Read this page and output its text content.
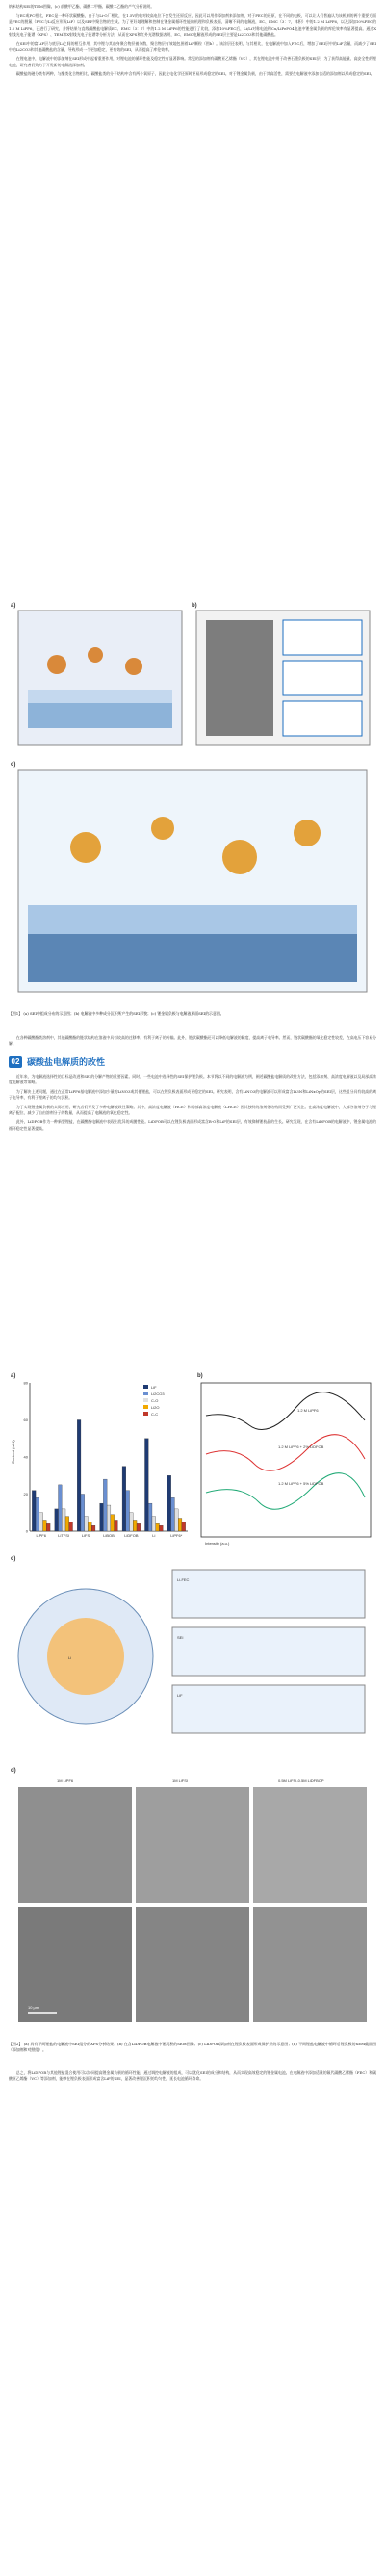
纳米结构SEI的TEM图像。(c) 前酸甲乙酯、碳酸二甲酯、碳酸二乙酯的产气分析说明。
与EC或PC相比，FEC是一种环状碳酸酯，由于与Li-O厂相比，在1.5V的电对较高电位下会发生还原反应，因此可以用作添加剂来添加剂，对于FEC的还原，在不同的电极，可以让人们普遍认为该机制的两个重要方面是FEC的脱氟（FEC与Li反应形成LiF）以及SEI中聚合物的生成。为了更好地理解和控制在锂金属循环性能的机理和负极表面，清晰不同的电解液，EC、EMC（3：7，体积）中的1.2 M LiPF6，以及添加10%FEC的1.2 M LiPF6，已进行了研究，并将结果与直线碳酸盐电解质EC、EMC（3：7）中的1.2 M LiPF6的性能进行了比较，添加10%FEC后，Li/Li对称电池和Cu/LiFePO4电池中锂金属负极的库伦效率有显著提高。通过X射线光电子能谱（XPS）、TEM和X射线光电子能谱等分析方法，从而在XPS和红外光谱数据表明，EC、EMC电解液形成的SEI层主要是Li2CO3和其他碳酸盐。
在SEI中的富LiF层与底层Li之间的相互作用，其中锂与其前身聚合物层被分散，聚合物层有效地包围着LiF颗粒（图b）。该涂层还表明，与其相比，在电解液中加入FEC后，增加了SEI层中的LiF含量，而减少了SEI中的Li2CO3和其他碳酸盐的含量，导致形成一个更加稳定，更有效的SEI，从而提高了库伦效率。
在锂电池中，电解液中的添加剂在SEI形成中起着重要作用，对锂电池的循环性能及稳定性有显著影响。常见的添加剂有碳酸亚乙烯酯（VC），其在锂电池中用于改善石墨负极的SEI层，为了获得高能量、高安全性的锂电池，研究者们致力于开发新的电解液添加剂。
碳酸盐的磁分类有两种，与酯类化合物相比，碳酸盐类的分子结构中含有两个氧原子，因此在电化学还原时更易形成稳定的SEI。对于锂金属负极，由于其高活性，需要在电解液中添加合适的添加剂以形成稳定的SEI。
a)	b)
c)
【图1】 (a) SEI中组成分布的示意图；(b) 电解液中多种成分沉积所产生的SEI形貌；(c) 锂金属负极与电解液界面SEI的示意图。
在各种碳酸酯类溶剂中，其他碳酸酯的链状结构在溶液中具有较高的迁移率，有利于离子的传输。此外，链状碳酸酯还可以降低电解液的黏度，提高离子电导率。然而，链状碳酸酯的氧化稳定性较差，在高电压下容易分解。
02 碳酸盐电解质的改性
近年来，为电解液选择性的目标是改进和SEI的分解产物的重要因素。同时，一些电池中选择性的SEI保护锂负极。本节将以不同的电解液为例，阐述碳酸盐电解质的改性方法，包括添加剂、高浓度电解液以及局部高浓度电解液等策略。
为了解决上述问题，通过在正常LiPF6基电解液中添加少量的LiNO3或其他锂盐，可以在锂负极表面形成更稳定的SEI。研究表明，含有LiNO3的电解液可以形成富含Li3N和LiNxOy的SEI层，这些组分具有较高的离子电导率，有利于锂离子的均匀沉积。
为了实现锂金属负极的实际应用，研究者们开发了多种电解液改性策略。其中，高浓度电解液（HCE）和局部高浓度电解液（LHCE）因其独特的溶剂化结构而受到广泛关注。在高浓度电解液中，大部分溶剂分子与锂离子配位，减少了自由溶剂分子的数量，从而提高了电解液的氧化稳定性。
此外，LiDFOB作为一种新型锂盐，在碳酸酯电解液中表现出优异的成膜性能。LiDFOB可以在锂负极表面形成富含B-O和LiF的SEI层，有效抑制锂枝晶的生长。研究发现，在含有LiDFOB的电解液中，锂金属电池的循环稳定性显著提高。
a)	b)
c)
d)
Content (at%)
LiPF6	LiTFSI	LiFSI	LiBOB	LiDFOB	Li	LiPF6*
0
20
40
60
80
LiF
Li2CO3
C-O
Li2O
C-C
Intensity (a.u.)
1.2 M LiPF6
1.2 M LiPF6 + 2% LiDFOB
1.2 M LiPF6 + 5% LiDFOB
Li-FEC
SEI
LiF
Li
1M LiPF6	1M LiFSI	0.5M LiFSI-0.5M LiDFBOP
10 μm
【图2】 (a) 具有不同锂盐的电解液中SEI组分的XPS分析结果；(b) 在含LiDFOB电解液中锂沉积的SEM图像；(c) LiDFOB添加剂在锂负极表面形成保护层的示意图；(d) 不同锂盐电解液中循环后锂负极的SEM截面图（添加剂和对照组）。
总之，将LiDFOB与其他锂盐混合使用可以协同提高锂金属负极的循环性能。通过调控电解液的组成，可以优化SEI的成分和结构，从而实现高效稳定的锂金属电池。在电解液中添加适量的氟代碳酸乙烯酯（FEC）和碳酸亚乙烯酯（VC）等添加剂，能够在锂负极表面形成富含LiF的SEI，显著改善锂沉积的均匀性，延长电池循环寿命。
